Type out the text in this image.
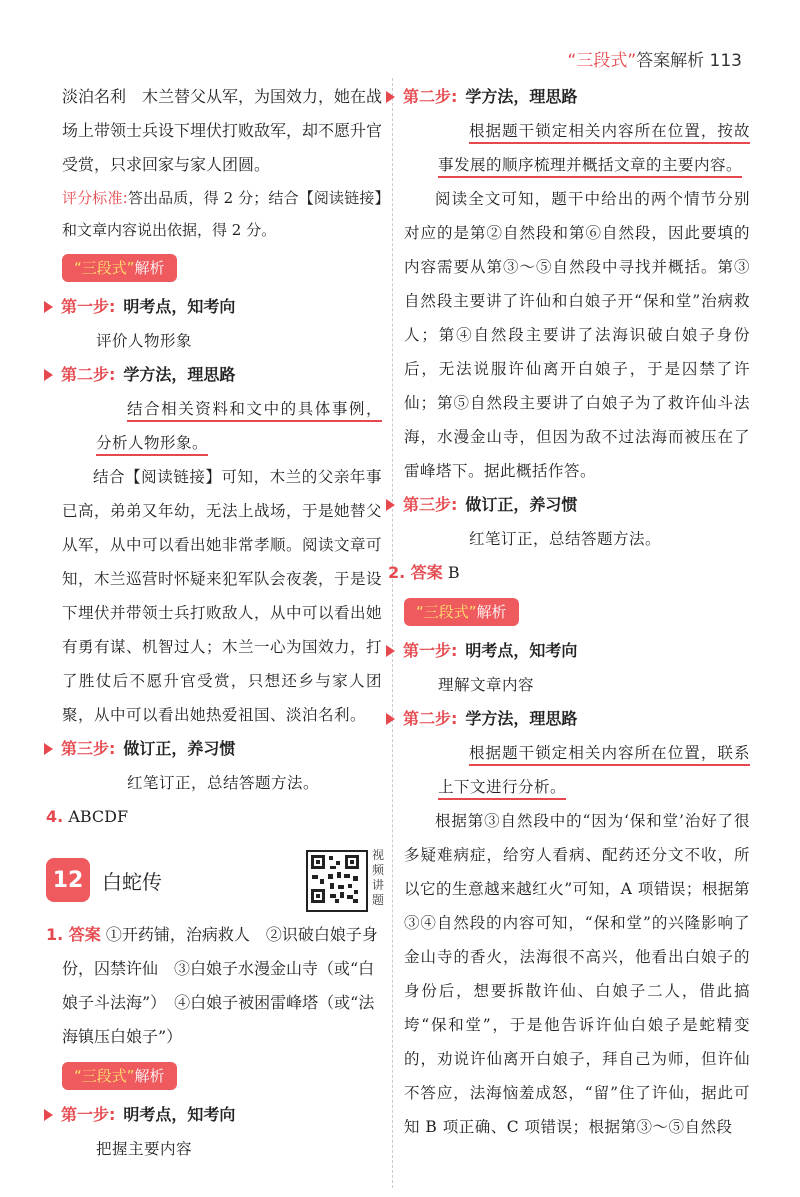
“三段式”答案解析 113

淡泊名利　木兰替父从军，为国效力，她在战场上带领士兵设下埋伏打败敌军，却不愿升官受赏，只求回家与家人团圆。

评分标准:答出品质，得 2 分；结合【阅读链接】和文章内容说出依据，得 2 分。

“三段式”解析
第一步: 明考点，知考向

评价人物形象

第二步: 学方法，理思路

结合相关资料和文中的具体事例，分析人物形象。

结合【阅读链接】可知，木兰的父亲年事已高，弟弟又年幼，无法上战场，于是她替父从军，从中可以看出她非常孝顺。阅读文章可知，木兰巡营时怀疑来犯军队会夜袭，于是设下埋伏并带领士兵打败敌人，从中可以看出她有勇有谋、机智过人；木兰一心为国效力，打了胜仗后不愿升官受赏，只想还乡与家人团聚，从中可以看出她热爱祖国、淡泊名利。

第三步: 做订正，养习惯

红笔订正，总结答题方法。

4. ABCDF
12 白蛇传
视频讲题
1. 答案 ①开药铺，治病救人　②识破白娘子身份，囚禁许仙　③白娘子水漫金山寺（或“白娘子斗法海”）　④白娘子被困雷峰塔（或“法海镇压白娘子”）
“三段式”解析
第一步: 明考点，知考向

把握主要内容

第二步: 学方法，理思路

根据题干锁定相关内容所在位置，按故事发展的顺序梳理并概括文章的主要内容。

阅读全文可知，题干中给出的两个情节分别对应的是第②自然段和第⑥自然段，因此要填的内容需要从第③～⑤自然段中寻找并概括。第③自然段主要讲了许仙和白娘子开“保和堂”治病救人；第④自然段主要讲了法海识破白娘子身份后，无法说服许仙离开白娘子，于是囚禁了许仙；第⑤自然段主要讲了白娘子为了救许仙斗法海，水漫金山寺，但因为敌不过法海而被压在了雷峰塔下。据此概括作答。

第三步: 做订正，养习惯

红笔订正，总结答题方法。

2. 答案 B
“三段式”解析
第一步: 明考点，知考向

理解文章内容

第二步: 学方法，理思路

根据题干锁定相关内容所在位置，联系上下文进行分析。

根据第③自然段中的“因为‘保和堂’治好了很多疑难病症，给穷人看病、配药还分文不收，所以它的生意越来越红火”可知，A 项错误；根据第③④自然段的内容可知，“保和堂”的兴隆影响了金山寺的香火，法海很不高兴，他看出白娘子的身份后，想要拆散许仙、白娘子二人，借此搞垮“保和堂”，于是他告诉许仙白娘子是蛇精变的，劝说许仙离开白娘子，拜自己为师，但许仙不答应，法海恼羞成怒，“留”住了许仙，据此可知 B 项正确、C 项错误；根据第③～⑤自然段
